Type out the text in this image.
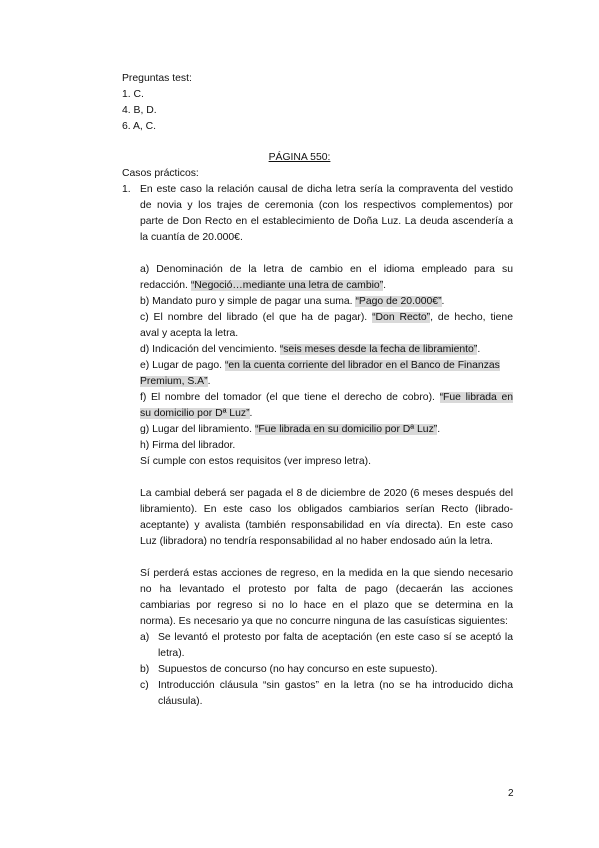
Preguntas test:
1. C.
4. B, D.
6. A, C.
PÁGINA 550:
Casos prácticos:
1. En este caso la relación causal de dicha letra sería la compraventa del vestido
de novia y los trajes de ceremonia (con los respectivos complementos) por
parte de Don Recto en el establecimiento de Doña Luz. La deuda ascendería a
la cuantía de 20.000€.
a) Denominación de la letra de cambio en el idioma empleado para su
redacción. “Negoció…mediante una letra de cambio”.
b) Mandato puro y simple de pagar una suma. “Pago de 20.000€”.
c) El nombre del librado (el que ha de pagar). “Don Recto”, de hecho, tiene
aval y acepta la letra.
d) Indicación del vencimiento. “seis meses desde la fecha de libramiento”.
e) Lugar de pago. “en la cuenta corriente del librador en el Banco de Finanzas
Premium, S.A”.
f) El nombre del tomador (el que tiene el derecho de cobro). “Fue librada en
su domicilio por Dª Luz”.
g) Lugar del libramiento. “Fue librada en su domicilio por Dª Luz”.
h) Firma del librador.
Sí cumple con estos requisitos (ver impreso letra).
La cambial deberá ser pagada el 8 de diciembre de 2020 (6 meses después del
libramiento). En este caso los obligados cambiarios serían Recto (librado-
aceptante) y avalista (también responsabilidad en vía directa). En este caso
Luz (libradora) no tendría responsabilidad al no haber endosado aún la letra.
Sí perderá estas acciones de regreso, en la medida en la que siendo necesario
no ha levantado el protesto por falta de pago (decaerán las acciones
cambiarias por regreso si no lo hace en el plazo que se determina en la
norma). Es necesario ya que no concurre ninguna de las casuísticas siguientes:
a) Se levantó el protesto por falta de aceptación (en este caso sí se aceptó la
letra).
b) Supuestos de concurso (no hay concurso en este supuesto).
c) Introducción cláusula “sin gastos” en la letra (no se ha introducido dicha
cláusula).
2
